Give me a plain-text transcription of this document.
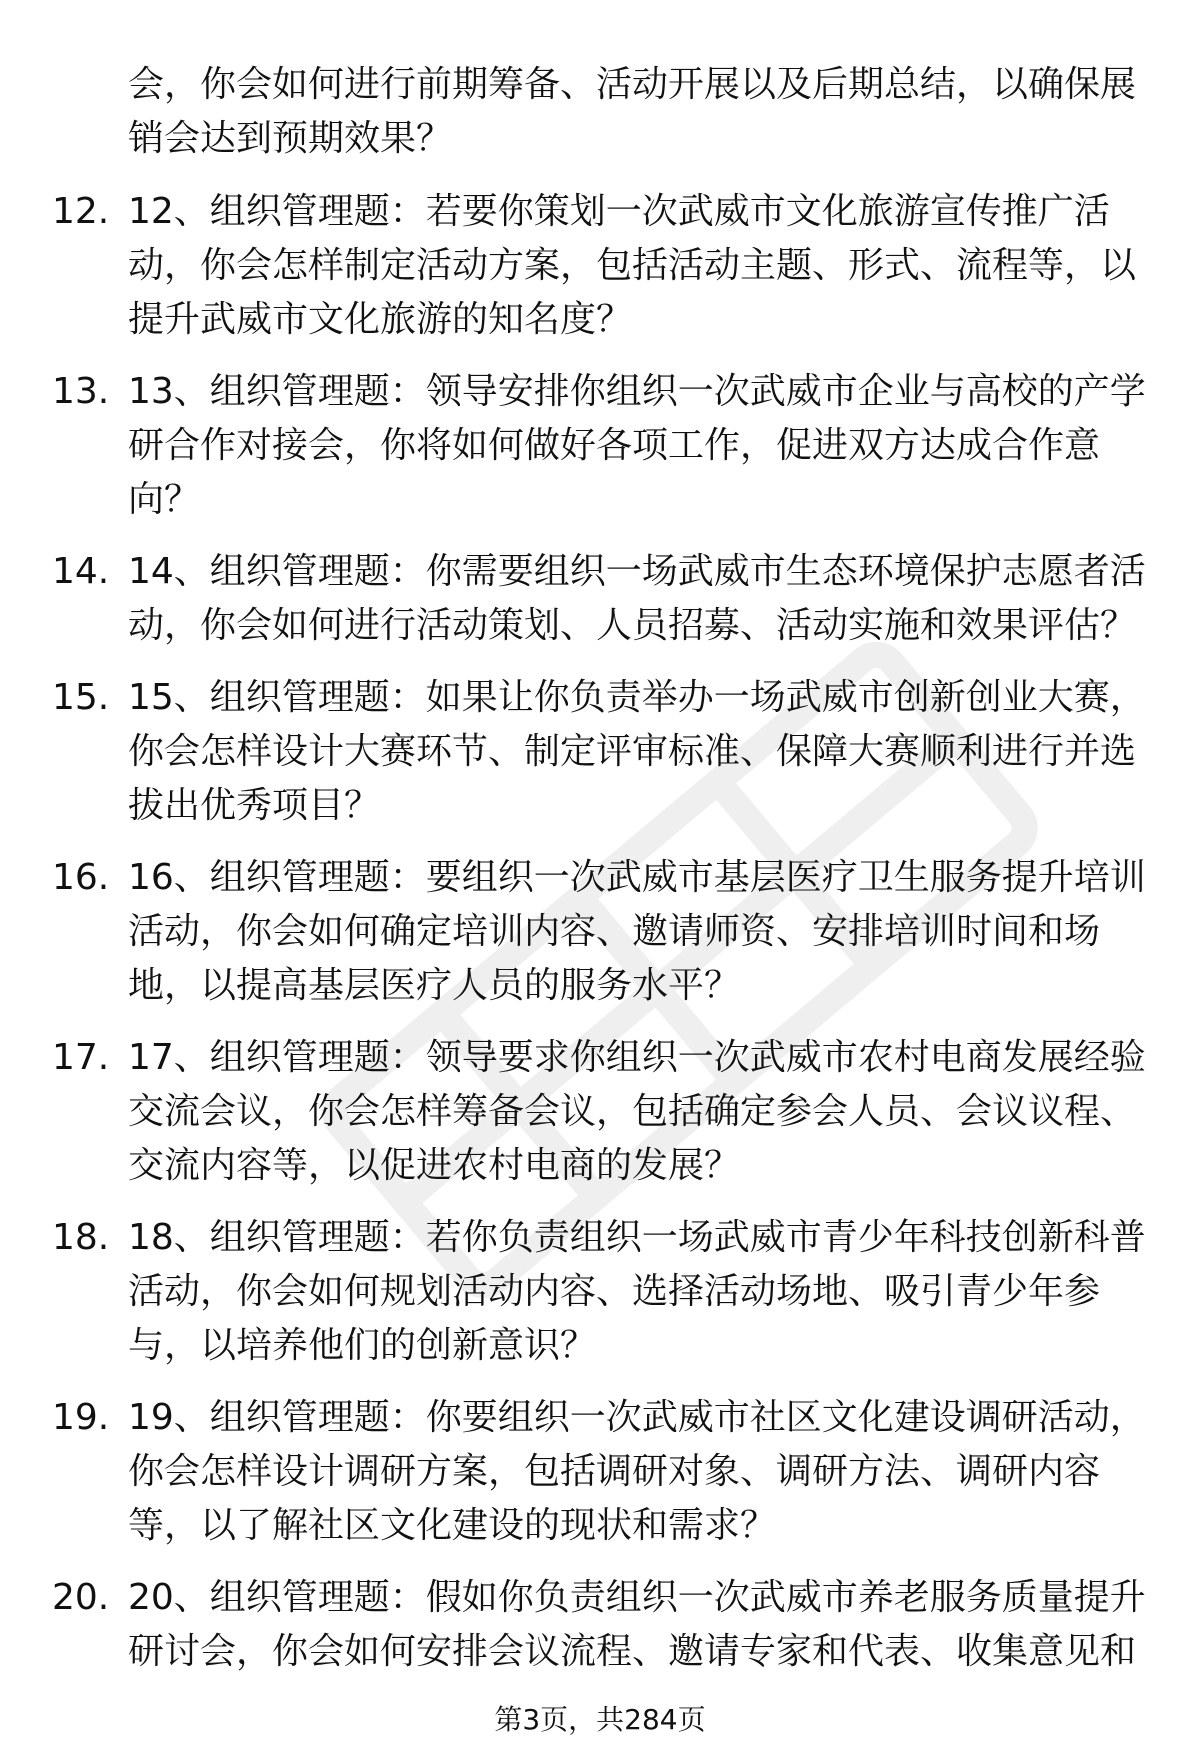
会，你会如何进行前期筹备、活动开展以及后期总结，以确保展销会达到预期效果？

12. 12、组织管理题：若要你策划一次武威市文化旅游宣传推广活动，你会怎样制定活动方案，包括活动主题、形式、流程等，以提升武威市文化旅游的知名度？

13. 13、组织管理题：领导安排你组织一次武威市企业与高校的产学研合作对接会，你将如何做好各项工作，促进双方达成合作意向？

14. 14、组织管理题：你需要组织一场武威市生态环境保护志愿者活动，你会如何进行活动策划、人员招募、活动实施和效果评估？

15. 15、组织管理题：如果让你负责举办一场武威市创新创业大赛，你会怎样设计大赛环节、制定评审标准、保障大赛顺利进行并选拔出优秀项目？

16. 16、组织管理题：要组织一次武威市基层医疗卫生服务提升培训活动，你会如何确定培训内容、邀请师资、安排培训时间和场地，以提高基层医疗人员的服务水平？

17. 17、组织管理题：领导要求你组织一次武威市农村电商发展经验交流会议，你会怎样筹备会议，包括确定参会人员、会议议程、交流内容等，以促进农村电商的发展？

18. 18、组织管理题：若你负责组织一场武威市青少年科技创新科普活动，你会如何规划活动内容、选择活动场地、吸引青少年参与，以培养他们的创新意识？

19. 19、组织管理题：你要组织一次武威市社区文化建设调研活动，你会怎样设计调研方案，包括调研对象、调研方法、调研内容等，以了解社区文化建设的现状和需求？

20. 20、组织管理题：假如你负责组织一次武威市养老服务质量提升研讨会，你会如何安排会议流程、邀请专家和代表、收集意见和

第3页，共284页
